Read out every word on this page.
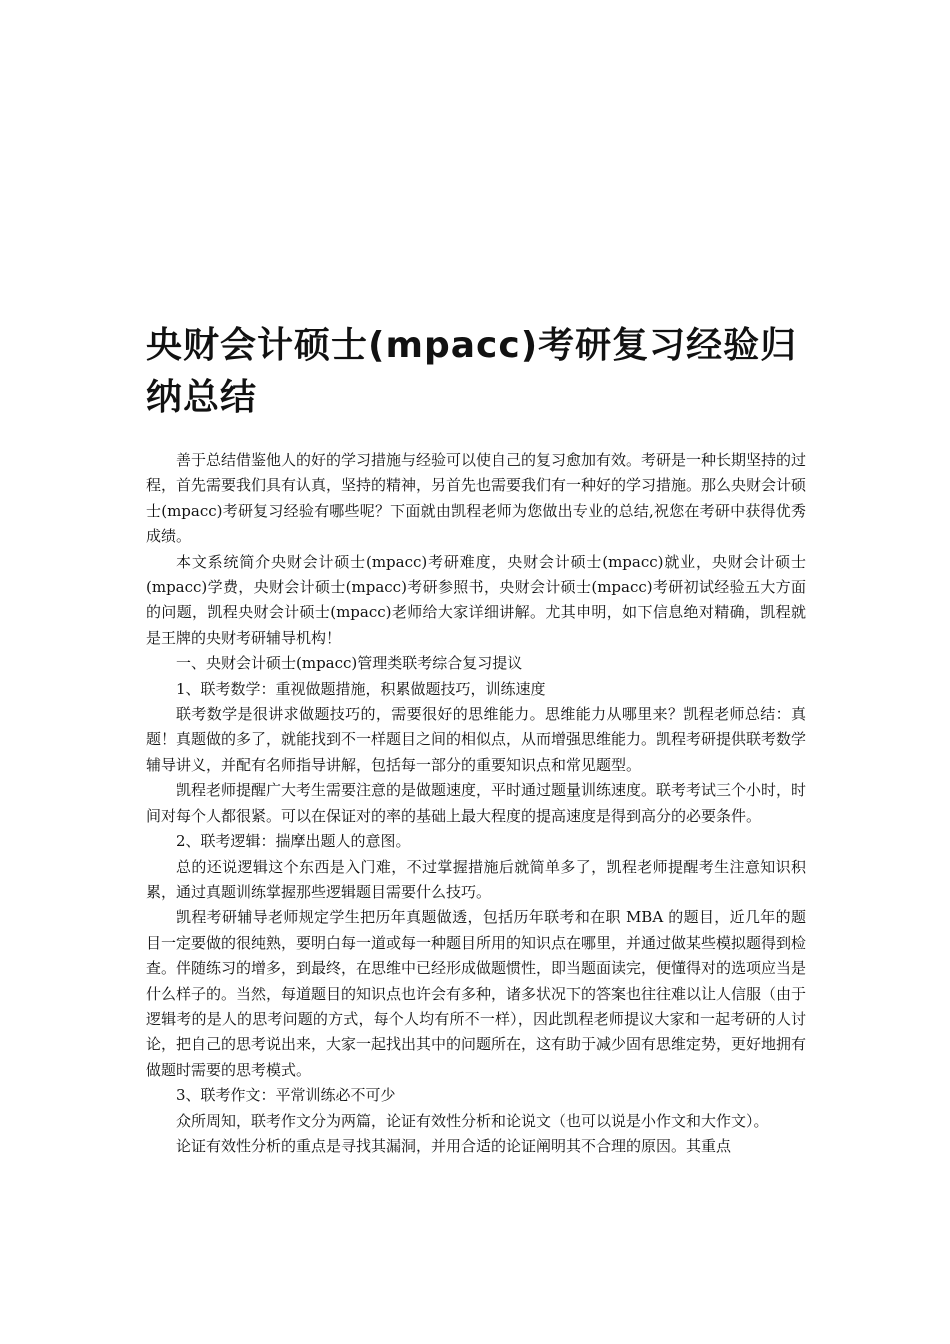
央财会计硕士(mpacc)考研复习经验归纳总结

善于总结借鉴他人的好的学习措施与经验可以使自己的复习愈加有效。考研是一种长期坚持的过程，首先需要我们具有认真，坚持的精神，另首先也需要我们有一种好的学习措施。那么央财会计硕士(mpacc)考研复习经验有哪些呢？下面就由凯程老师为您做出专业的总结,祝您在考研中获得优秀成绩。

本文系统简介央财会计硕士(mpacc)考研难度，央财会计硕士(mpacc)就业，央财会计硕士(mpacc)学费，央财会计硕士(mpacc)考研参照书，央财会计硕士(mpacc)考研初试经验五大方面的问题，凯程央财会计硕士(mpacc)老师给大家详细讲解。尤其申明，如下信息绝对精确，凯程就是王牌的央财考研辅导机构！

一、央财会计硕士(mpacc)管理类联考综合复习提议

1、联考数学：重视做题措施，积累做题技巧，训练速度

联考数学是很讲求做题技巧的，需要很好的思维能力。思维能力从哪里来？凯程老师总结：真题！真题做的多了，就能找到不一样题目之间的相似点，从而增强思维能力。凯程考研提供联考数学辅导讲义，并配有名师指导讲解，包括每一部分的重要知识点和常见题型。

凯程老师提醒广大考生需要注意的是做题速度，平时通过题量训练速度。联考考试三个小时，时间对每个人都很紧。可以在保证对的率的基础上最大程度的提高速度是得到高分的必要条件。

2、联考逻辑：揣摩出题人的意图。

总的还说逻辑这个东西是入门难，不过掌握措施后就简单多了，凯程老师提醒考生注意知识积累，通过真题训练掌握那些逻辑题目需要什么技巧。

凯程考研辅导老师规定学生把历年真题做透，包括历年联考和在职 MBA 的题目，近几年的题目一定要做的很纯熟，要明白每一道或每一种题目所用的知识点在哪里，并通过做某些模拟题得到检查。伴随练习的增多，到最终，在思维中已经形成做题惯性，即当题面读完，便懂得对的选项应当是什么样子的。当然，每道题目的知识点也许会有多种，诸多状况下的答案也往往难以让人信服（由于逻辑考的是人的思考问题的方式，每个人均有所不一样），因此凯程老师提议大家和一起考研的人讨论，把自己的思考说出来，大家一起找出其中的问题所在，这有助于减少固有思维定势，更好地拥有做题时需要的思考模式。

3、联考作文：平常训练必不可少

众所周知，联考作文分为两篇，论证有效性分析和论说文（也可以说是小作文和大作文）。

论证有效性分析的重点是寻找其漏洞，并用合适的论证阐明其不合理的原因。其重点
